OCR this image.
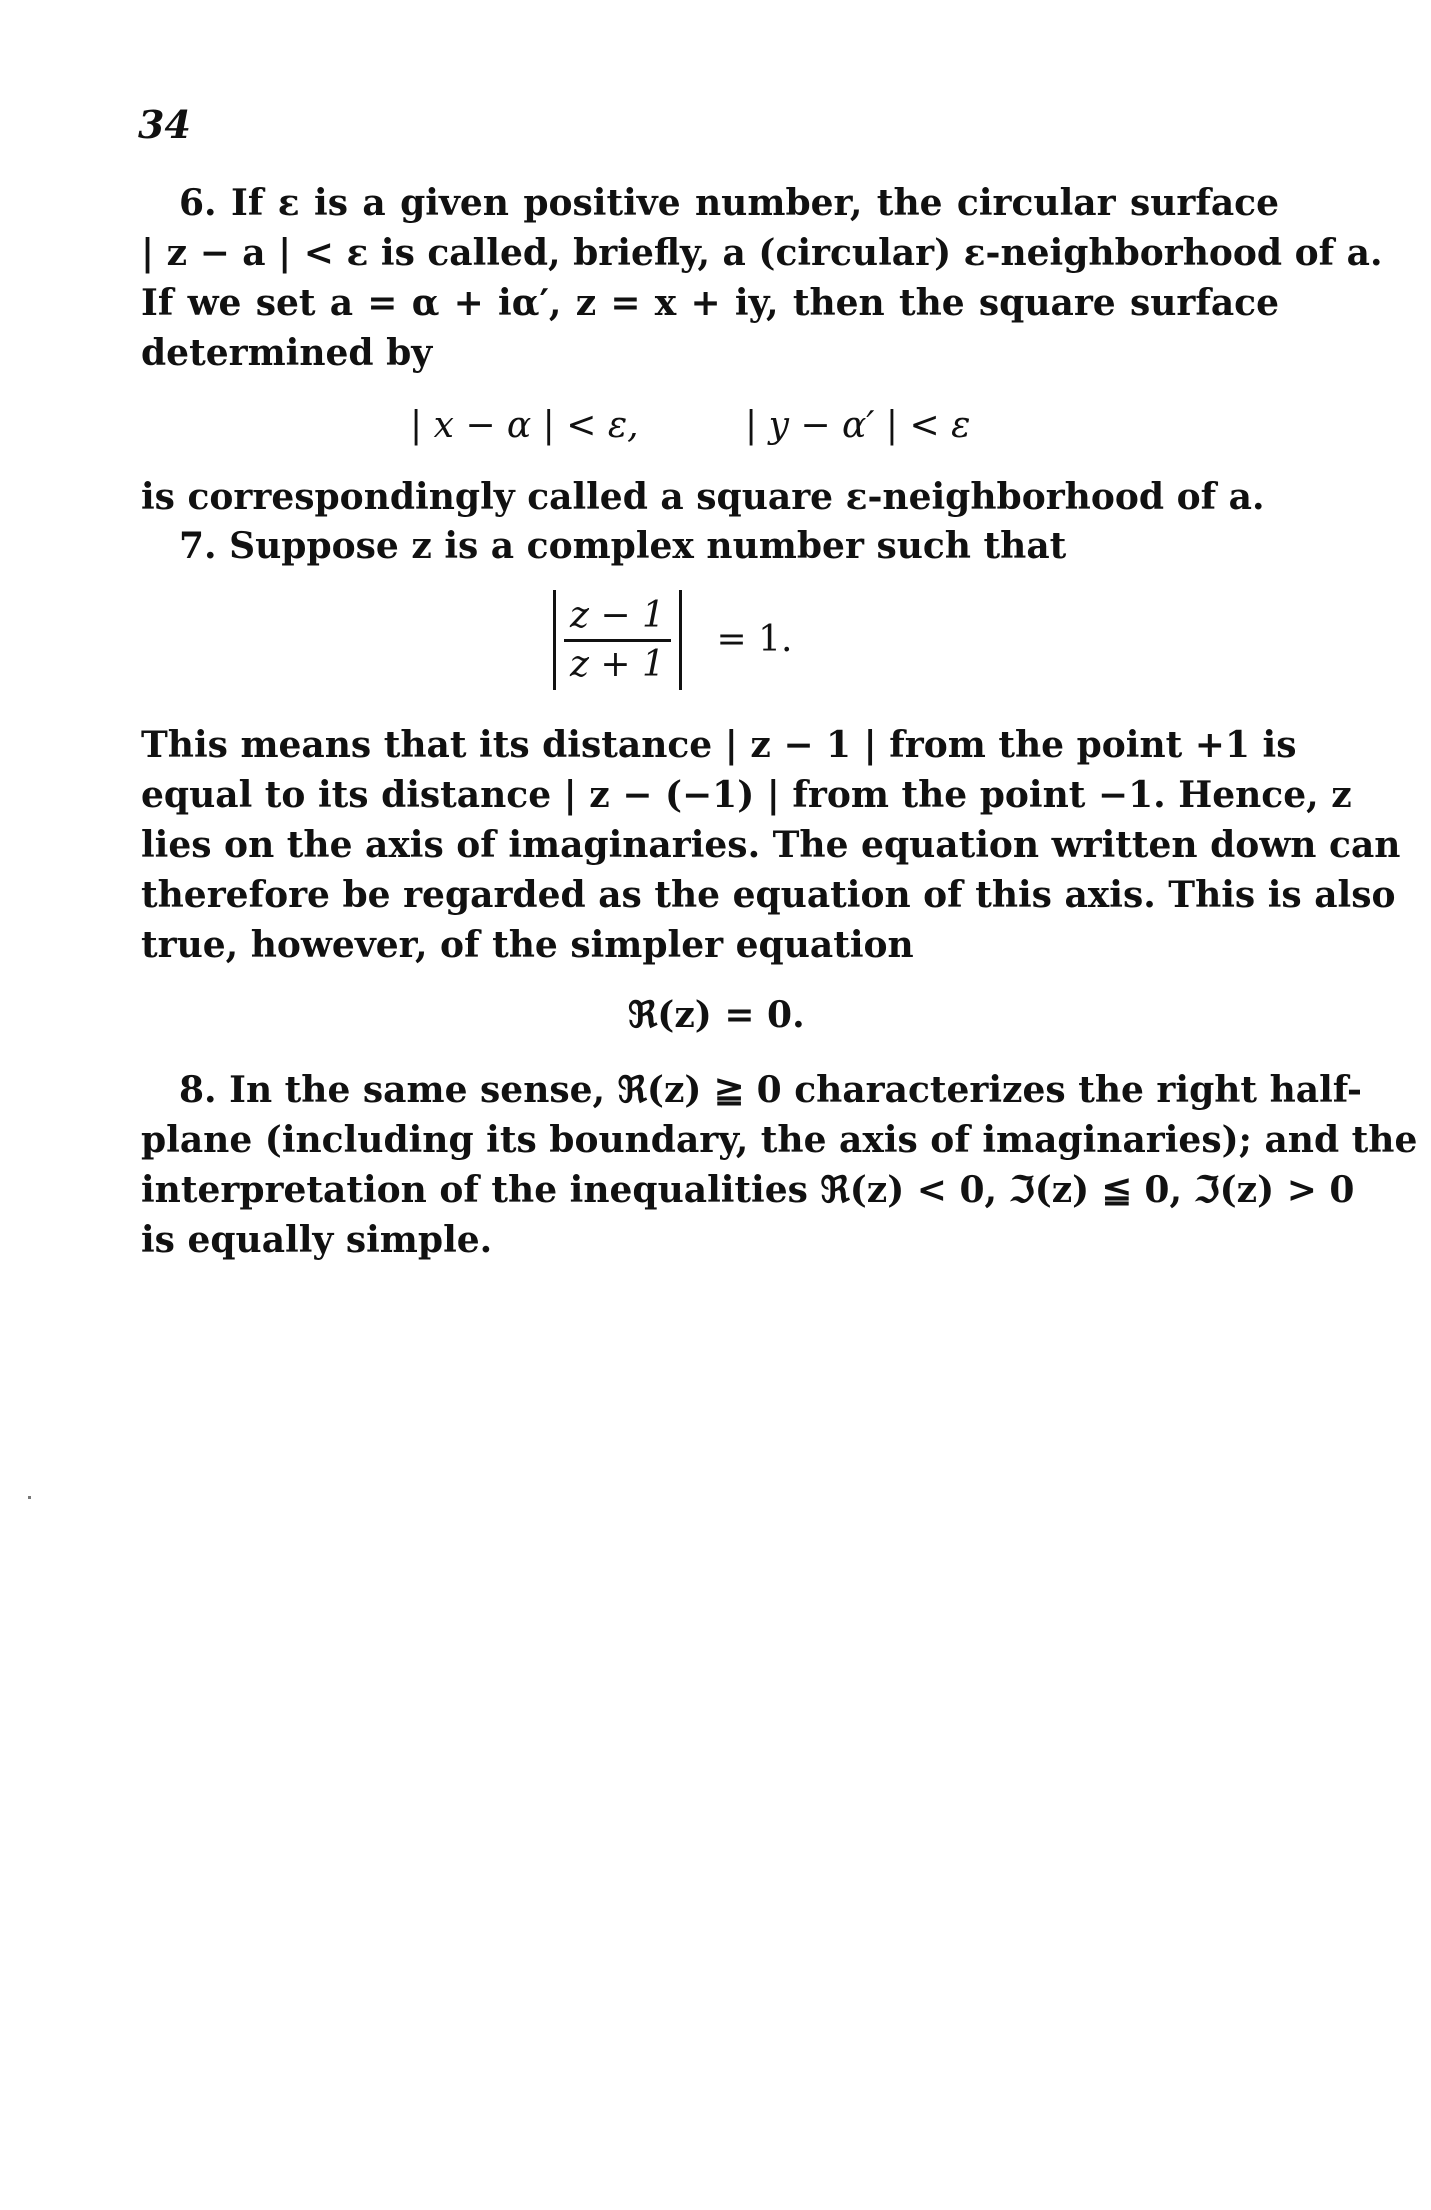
34
6. If ε is a given positive number, the circular surface
| z − a | < ε is called, briefly, a (circular) ε-neighborhood of a.
If we set a = α + iα′, z = x + iy, then the square surface
determined by
| x − α | < ε,	| y − α′ | < ε
is correspondingly called a square ε-neighborhood of a.
7. Suppose z is a complex number such that
$\frac{z - 1}{z + 1} = 1$.
This means that its distance | z − 1 | from the point +1 is
equal to its distance | z − (−1) | from the point −1. Hence, z
lies on the axis of imaginaries. The equation written down can
therefore be regarded as the equation of this axis. This is also
true, however, of the simpler equation
ℜ(z) = 0.
8. In the same sense, ℜ(z) ≧ 0 characterizes the right half-
plane (including its boundary, the axis of imaginaries); and the
interpretation of the inequalities ℜ(z) < 0, ℑ(z) ≦ 0, ℑ(z) > 0
is equally simple.
